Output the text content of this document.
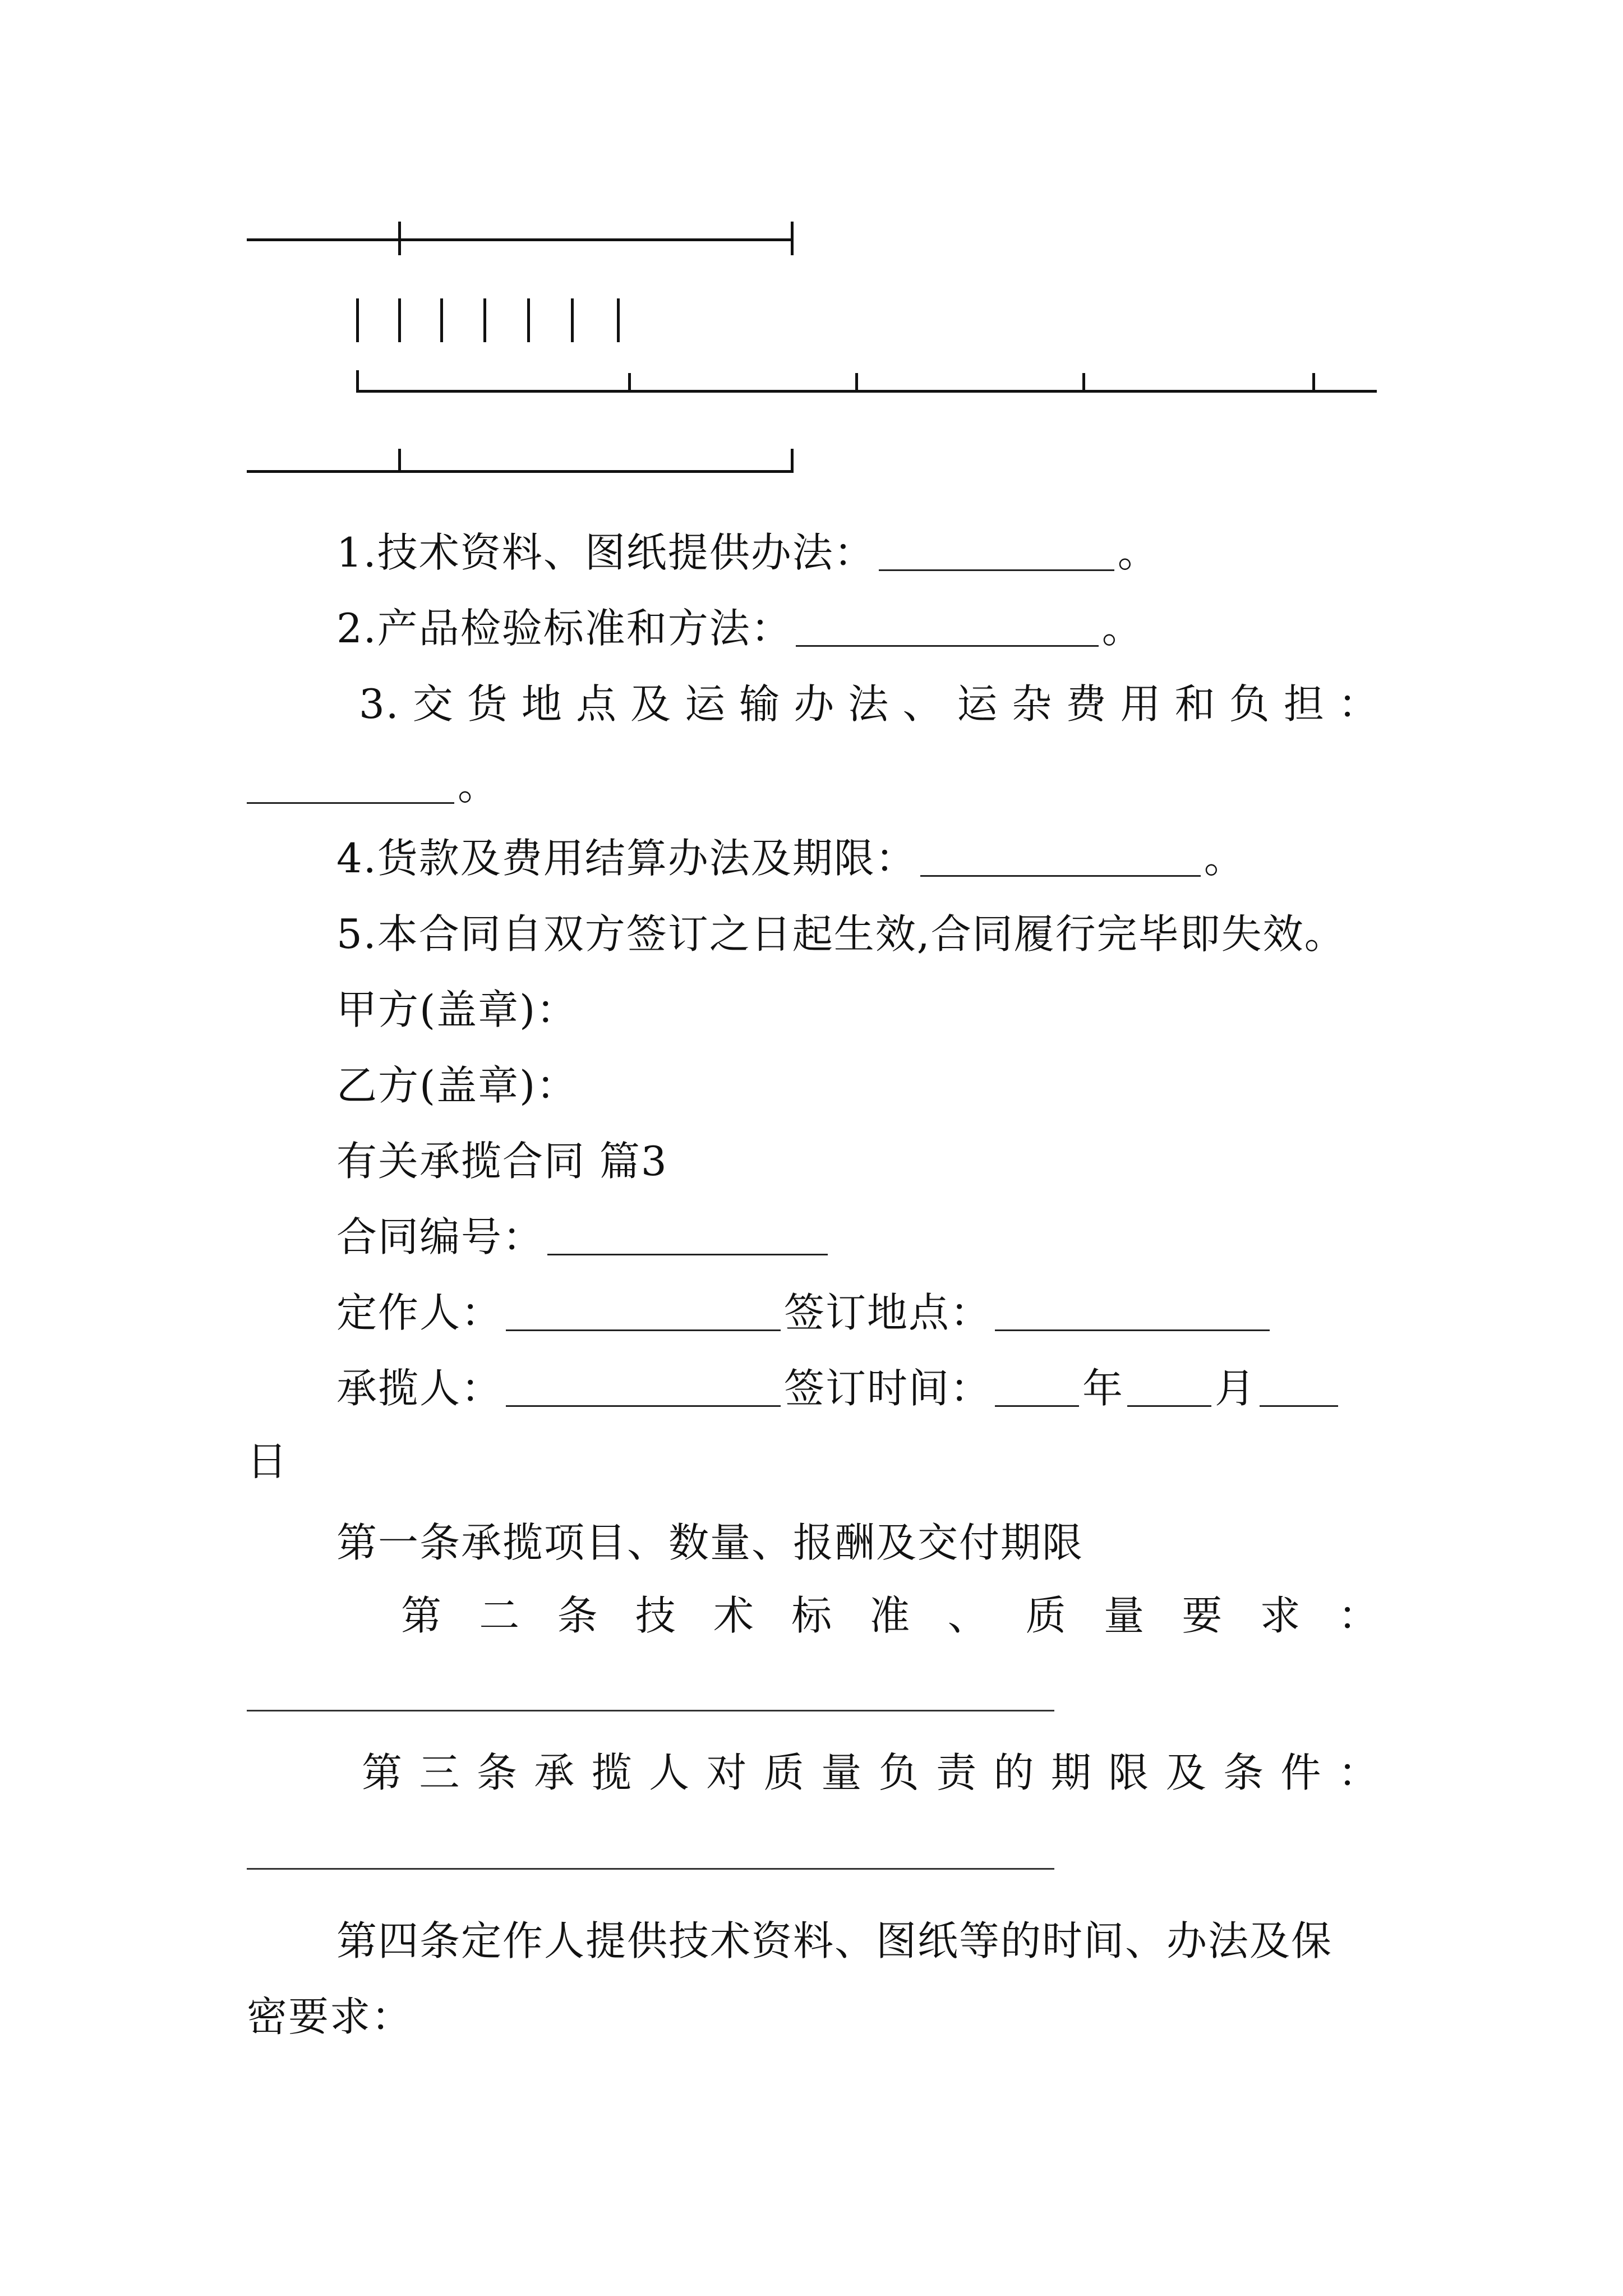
1.技术资料、图纸提供办法：	。
2.产品检验标准和方法：	。
3. 交 货 地 点 及 运 输 办 法 、 运 杂 费 用 和 负 担 ：
。
4.货款及费用结算办法及期限：	。
5.本合同自双方签订之日起生效,合同履行完毕即失效。
甲方(盖章)：
乙方(盖章)：
有关承揽合同 篇3
合同编号：
定作人：	签订地点：
承揽人：	签订时间： 年 月
日
第一条承揽项目、数量、报酬及交付期限
第 二 条 技 术 标 准 、 质 量 要 求 ：
第 三 条 承 揽 人 对 质 量 负 责 的 期 限 及 条 件 ：
第四条定作人提供技术资料、图纸等的时间、办法及保
密要求：
